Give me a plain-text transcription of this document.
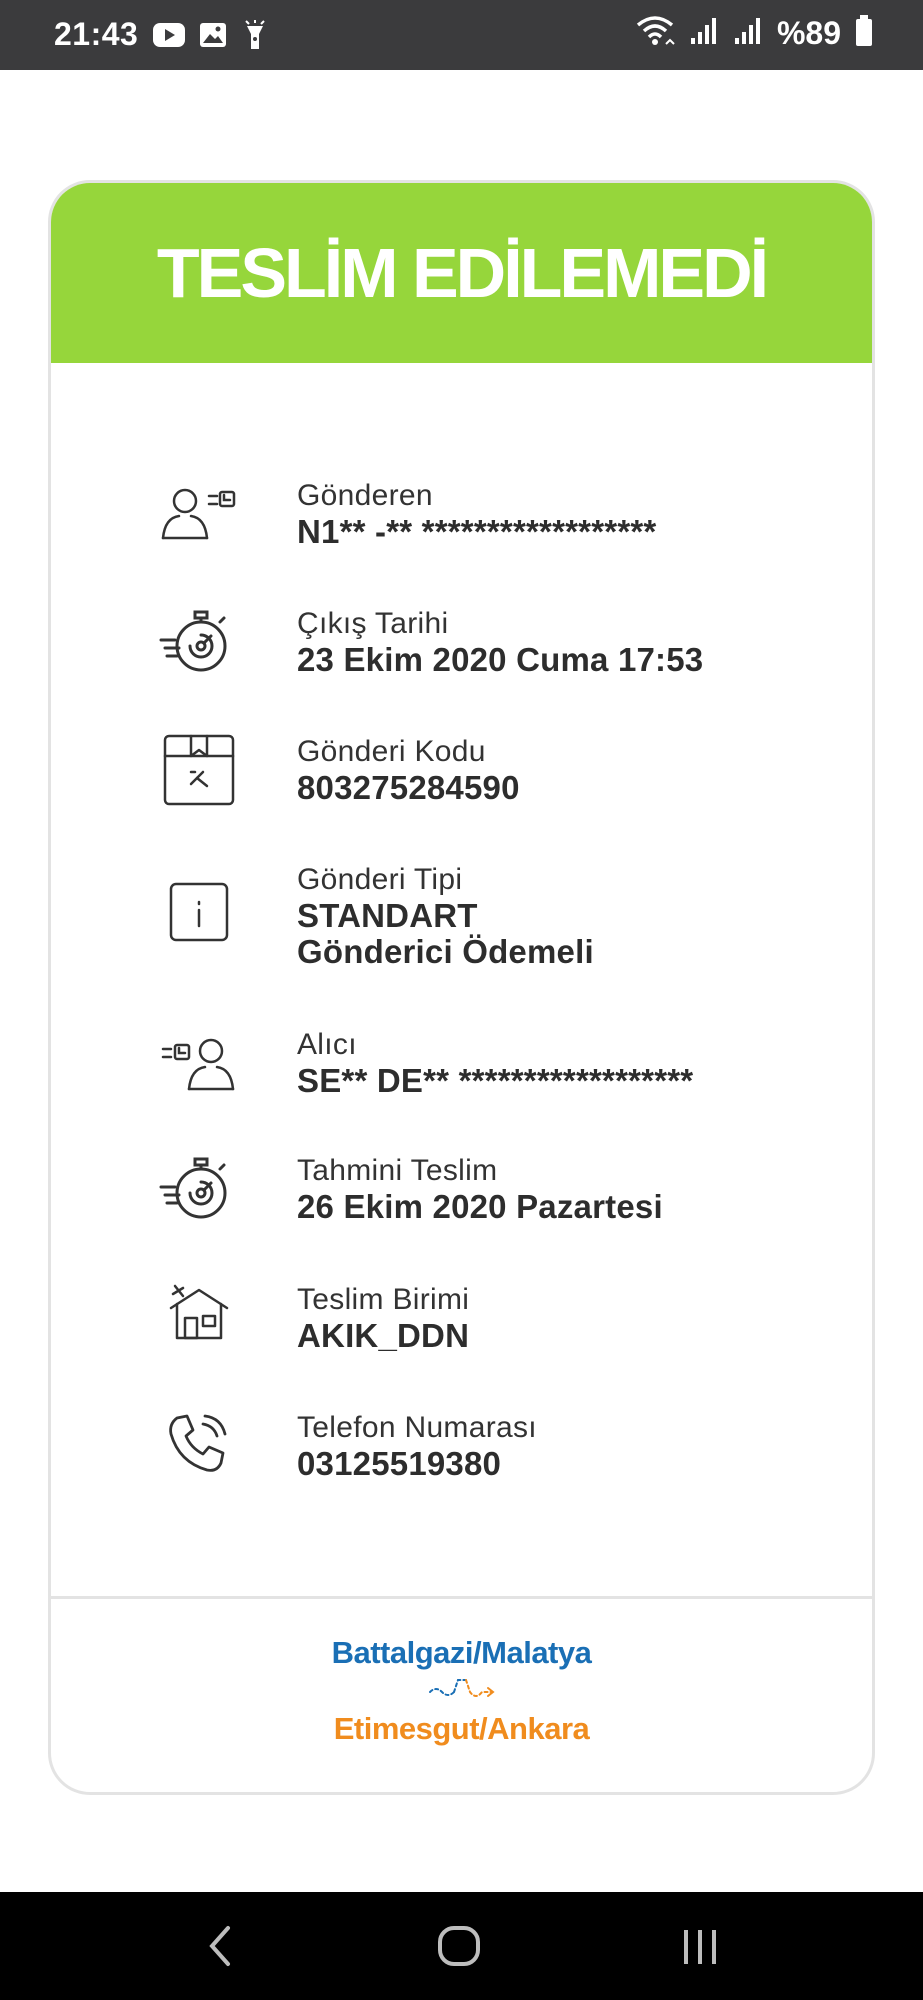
21:43	%89
TESLİM EDİLEMEDİ
Gönderen
N1** -** ******************
Çıkış Tarihi
23 Ekim 2020 Cuma 17:53
Gönderi Kodu
803275284590
Gönderi Tipi
STANDART
Gönderici Ödemeli
Alıcı
SE** DE** ******************
Tahmini Teslim
26 Ekim 2020 Pazartesi
Teslim Birimi
AKIK_DDN
Telefon Numarası
03125519380
Battalgazi/Malatya
Etimesgut/Ankara
